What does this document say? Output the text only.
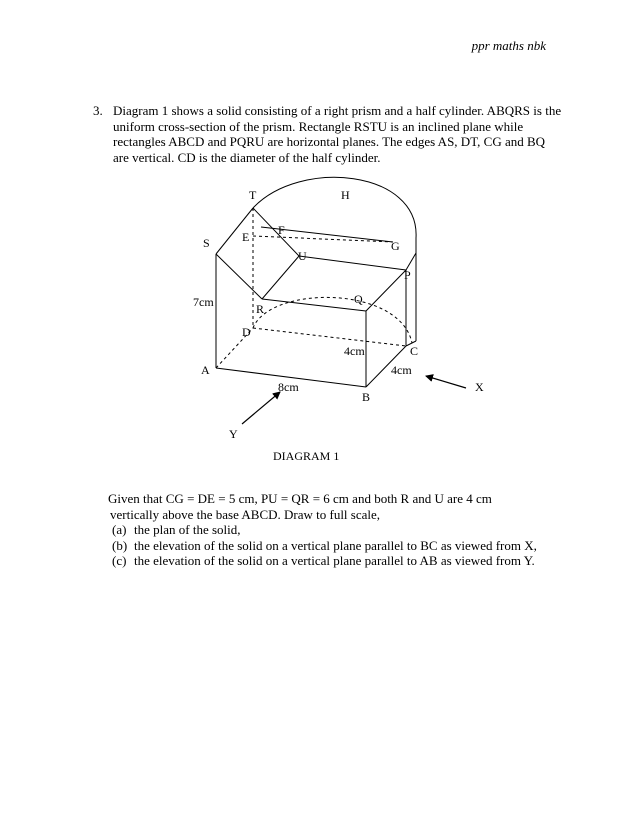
ppr maths nbk
3. Diagram 1 shows a solid consisting of a right prism and a half cylinder. ABQRS is the uniform cross-section of the prism. Rectangle RSTU is an inclined plane while rectangles ABCD and PQRU are horizontal planes. The edges AS, DT, CG and BQ are vertical. CD is the diameter of the half cylinder.
T	H
F
E
S	G
U
P
Q
R
D
C
A
B
X
Y
7cm
4cm
4cm
8cm
DIAGRAM 1

Given that CG = DE = 5 cm, PU = QR = 6 cm and both R and U are 4 cm

vertically above the base ABCD. Draw to full scale,

(a) the plan of the solid,
(b) the elevation of the solid on a vertical plane parallel to BC as viewed from X,
(c) the elevation of the solid on a vertical plane parallel to AB as viewed from Y.
